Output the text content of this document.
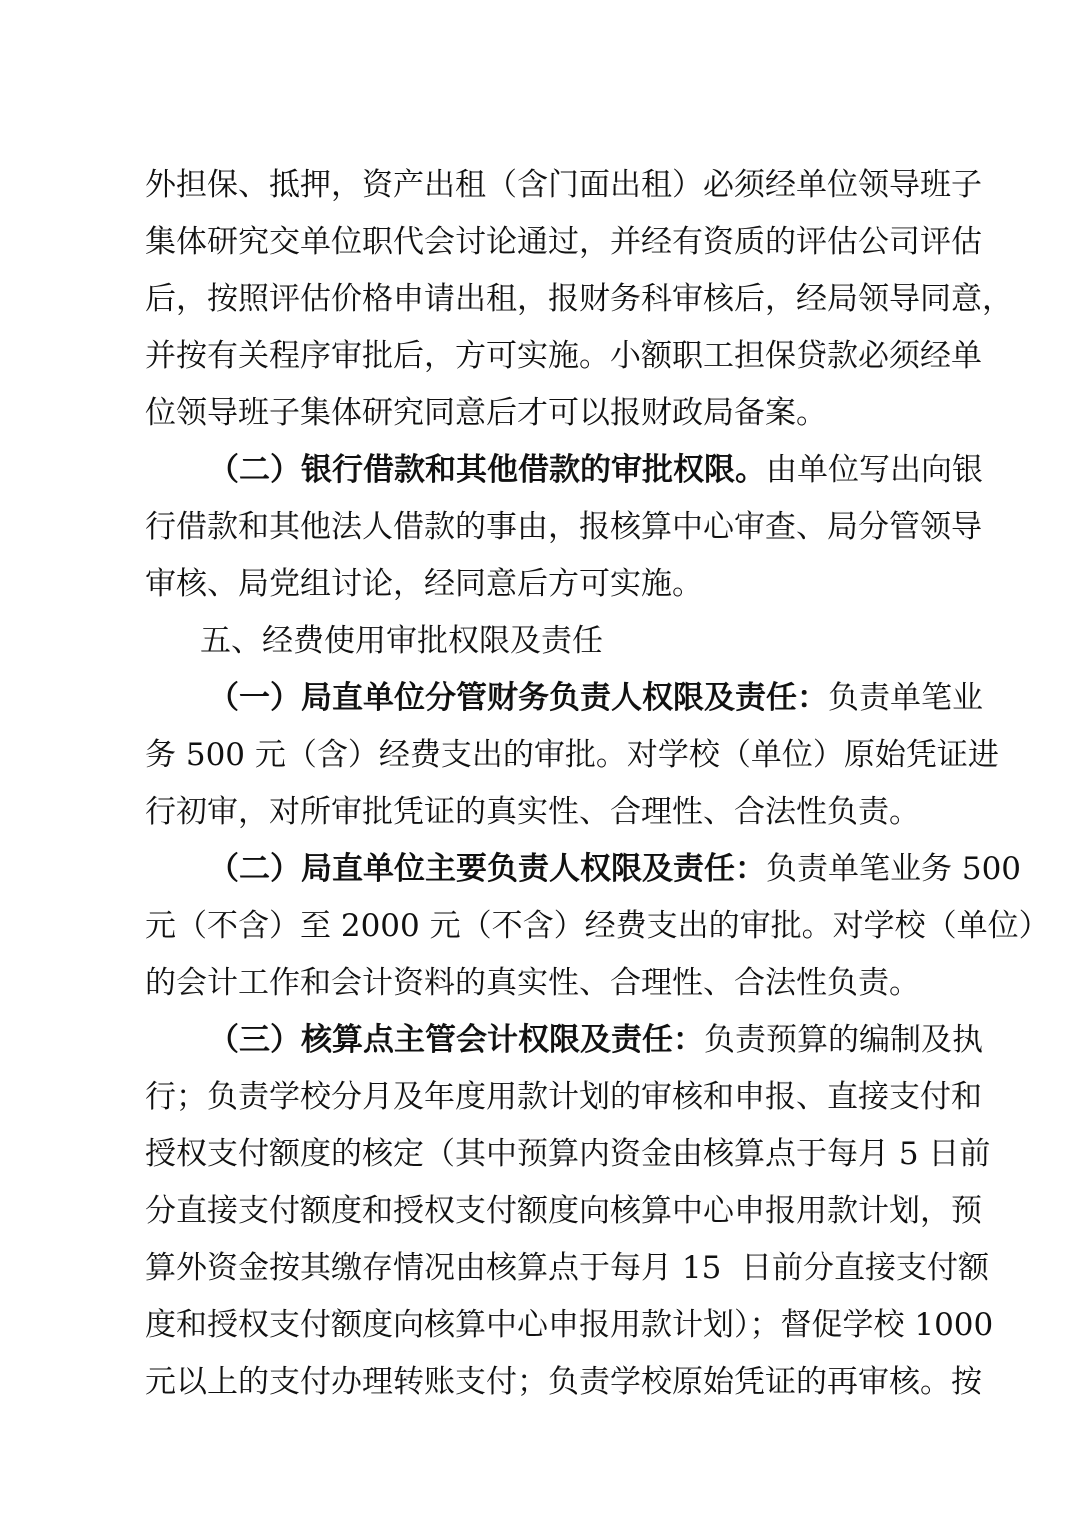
外担保、抵押，资产出租（含门面出租）必须经单位领导班子
集体研究交单位职代会讨论通过，并经有资质的评估公司评估
后，按照评估价格申请出租，报财务科审核后，经局领导同意，
并按有关程序审批后，方可实施。小额职工担保贷款必须经单
位领导班子集体研究同意后才可以报财政局备案。
（二）银行借款和其他借款的审批权限。由单位写出向银
行借款和其他法人借款的事由，报核算中心审查、局分管领导
审核、局党组讨论，经同意后方可实施。
五、经费使用审批权限及责任
（一）局直单位分管财务负责人权限及责任：负责单笔业
务 500 元（含）经费支出的审批。对学校（单位）原始凭证进
行初审，对所审批凭证的真实性、合理性、合法性负责。
（二）局直单位主要负责人权限及责任：负责单笔业务 500
元（不含）至 2000 元（不含）经费支出的审批。对学校（单位）
的会计工作和会计资料的真实性、合理性、合法性负责。
（三）核算点主管会计权限及责任：负责预算的编制及执
行；负责学校分月及年度用款计划的审核和申报、直接支付和
授权支付额度的核定（其中预算内资金由核算点于每月 5 日前
分直接支付额度和授权支付额度向核算中心申报用款计划，预
算外资金按其缴存情况由核算点于每月 15  日前分直接支付额
度和授权支付额度向核算中心申报用款计划）；督促学校 1000
元以上的支付办理转账支付；负责学校原始凭证的再审核。按
